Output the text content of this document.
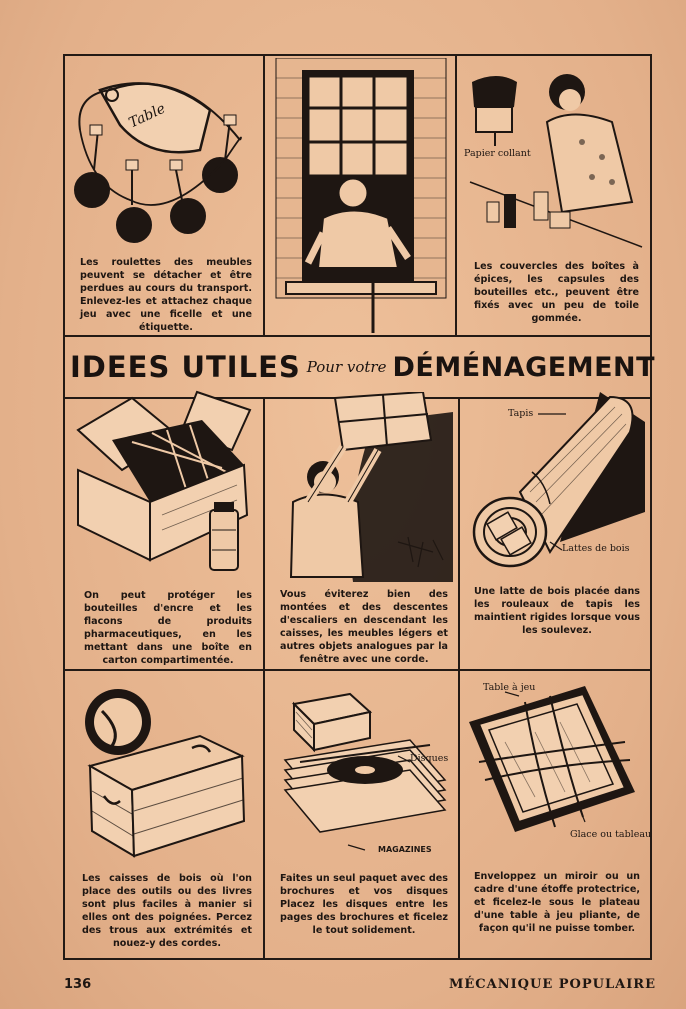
IDEES UTILES Pour votre DÉMÉNAGEMENT
Table

Les roulettes des meubles peuvent se détacher et être perdues au cours du transport. Enlevez-les et attachez chaque jeu avec une ficelle et une étiquette.

Papier collant

Les couvercles des boîtes à épices, les capsules des bouteilles etc., peuvent être fixés avec un peu de toile gommée.

On peut protéger les bouteilles d'encre et les flacons de produits pharmaceutiques, en les mettant dans une boîte en carton compartimentée.

Vous éviterez bien des montées et des descentes d'escaliers en descendant les caisses, les meubles légers et autres objets analogues par la fenêtre avec une corde.

Tapis
Lattes de bois

Une latte de bois placée dans les rouleaux de tapis les maintient rigides lorsque vous les soulevez.

Les caisses de bois où l'on place des outils ou des livres sont plus faciles à manier si elles ont des poignées. Percez des trous aux extrémités et nouez-y des cordes.

Disques
MAGAZINES

Faites un seul paquet avec des brochures et vos disques Placez les disques entre les pages des brochures et ficelez le tout solidement.

Table à jeu
Glace ou tableau

Enveloppez un miroir ou un cadre d'une étoffe protectrice, et ficelez-le sous le plateau d'une table à jeu pliante, de façon qu'il ne puisse tomber.

136	MÉCANIQUE POPULAIRE
